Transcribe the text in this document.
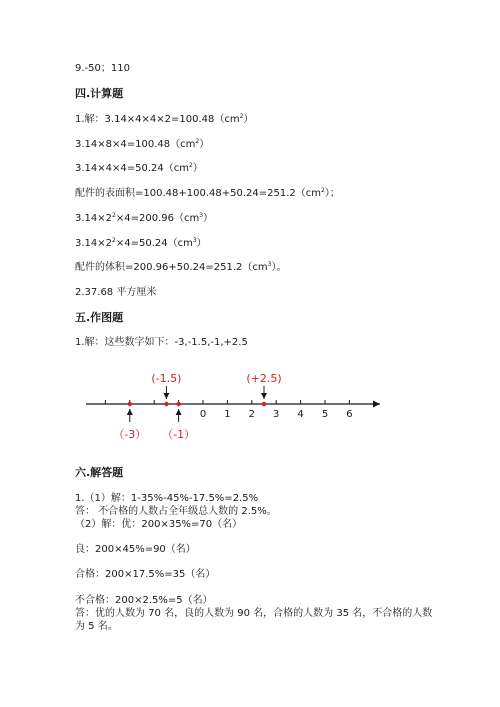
9.-50；110
四.计算题
1.解：$3.14\times 4\times 4\times 2=100.48(cm^2)$
$3.14\times 8\times 4=100.48(cm^2)$
$3.14\times 4\times 4=50.24(cm^2)$
配件的表面积$=100.48+100.48+50.24=251.2(cm^2)$；
$3.14\times 2^2\times 4=200.96(cm^3)$
$3.14\times 2^2\times 4=50.24(cm^3)$
配件的体积$=200.96+50.24=251.2(cm^3)$。
2.37.68 平方厘米
五.作图题
1.解：这些数字如下：-3,-1.5,-1,+2.5
0 1 2 3 4 5 6
（-3）
(-1.5)
（-1）
(+2.5)
六.解答题
1.（1）解：1-35%-45%-17.5%=2.5%
答： 不合格的人数占全年级总人数的 2.5%。
（2）解：优：200×35%=70（名）
良：200×45%=90（名）
合格：200×17.5%=35（名）
不合格：200×2.5%=5（名）
答：优的人数为 70 名，良的人数为 90 名，合格的人数为 35 名，不合格的人数
为 5 名。
